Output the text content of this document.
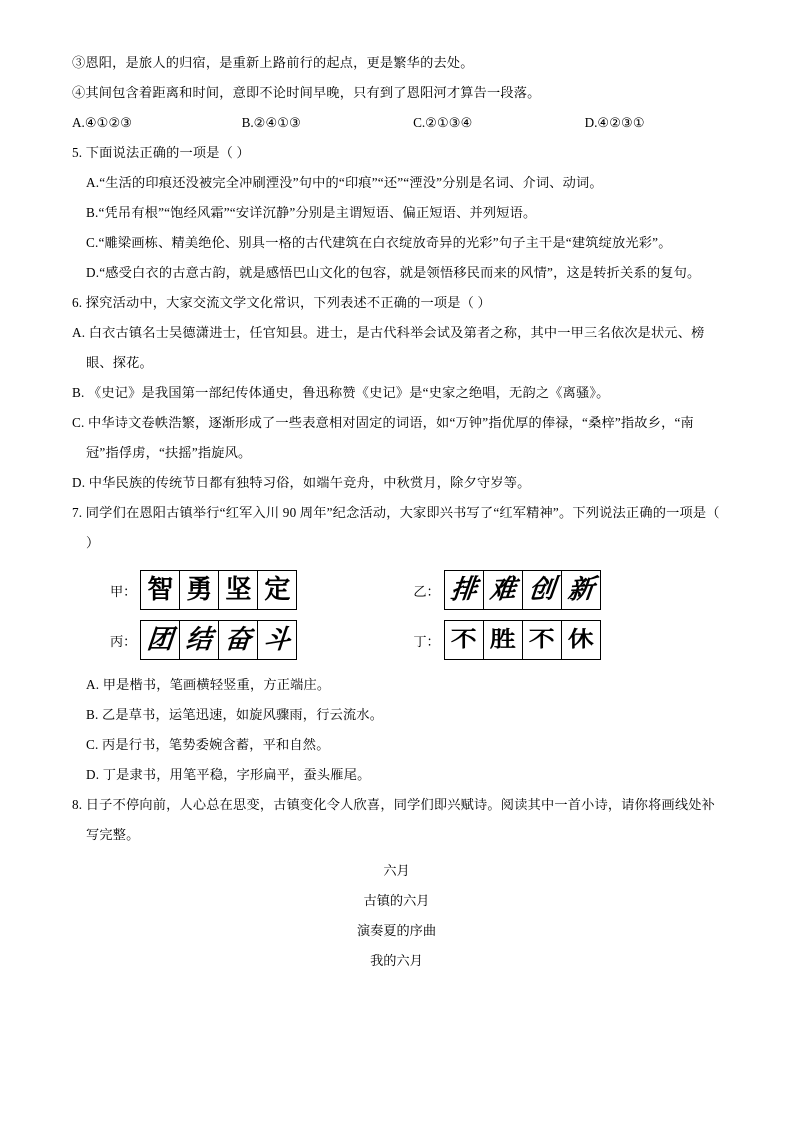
③恩阳，是旅人的归宿，是重新上路前行的起点，更是繁华的去处。
④其间包含着距离和时间，意即不论时间早晚，只有到了恩阳河才算告一段落。
A.④①②③	B.②④①③	C.②①③④	D.④②③①
5. 下面说法正确的一项是（ ）
A.“生活的印痕还没被完全冲刷湮没”句中的“印痕”“还”“湮没”分别是名词、介词、动词。
B.“凭吊有根”“饱经风霜”“安详沉静”分别是主谓短语、偏正短语、并列短语。
C.“雕梁画栋、精美绝伦、别具一格的古代建筑在白衣绽放奇异的光彩”句子主干是“建筑绽放光彩”。
D.“感受白衣的古意古韵，就是感悟巴山文化的包容，就是领悟移民而来的风情”，这是转折关系的复句。
6. 探究活动中，大家交流文学文化常识，下列表述不正确的一项是（ ）
A. 白衣古镇名士吴德潇进士，任官知县。进士，是古代科举会试及第者之称，其中一甲三名依次是状元、榜眼、探花。
B. 《史记》是我国第一部纪传体通史，鲁迅称赞《史记》是“史家之绝唱，无韵之《离骚》。
C. 中华诗文卷帙浩繁，逐渐形成了一些表意相对固定的词语，如“万钟”指优厚的俸禄，“桑梓”指故乡，“南冠”指俘虏，“扶摇”指旋风。
D. 中华民族的传统节日都有独特习俗，如端午竞舟，中秋赏月，除夕守岁等。
7. 同学们在恩阳古镇举行“红军入川 90 周年”纪念活动，大家即兴书写了“红军精神”。下列说法正确的一项是（ ）
甲： 智 勇 坚 定	乙： 排 难 创 新
丙： 团 结 奋 斗	丁： 不 胜 不 休
A. 甲是楷书，笔画横轻竖重，方正端庄。
B. 乙是草书，运笔迅速，如旋风骤雨，行云流水。
C. 丙是行书，笔势委婉含蓄，平和自然。
D. 丁是隶书，用笔平稳，字形扁平，蚕头雁尾。
8. 日子不停向前，人心总在思变，古镇变化令人欣喜，同学们即兴赋诗。阅读其中一首小诗，请你将画线处补写完整。
六月
古镇的六月
演奏夏的序曲
我的六月
